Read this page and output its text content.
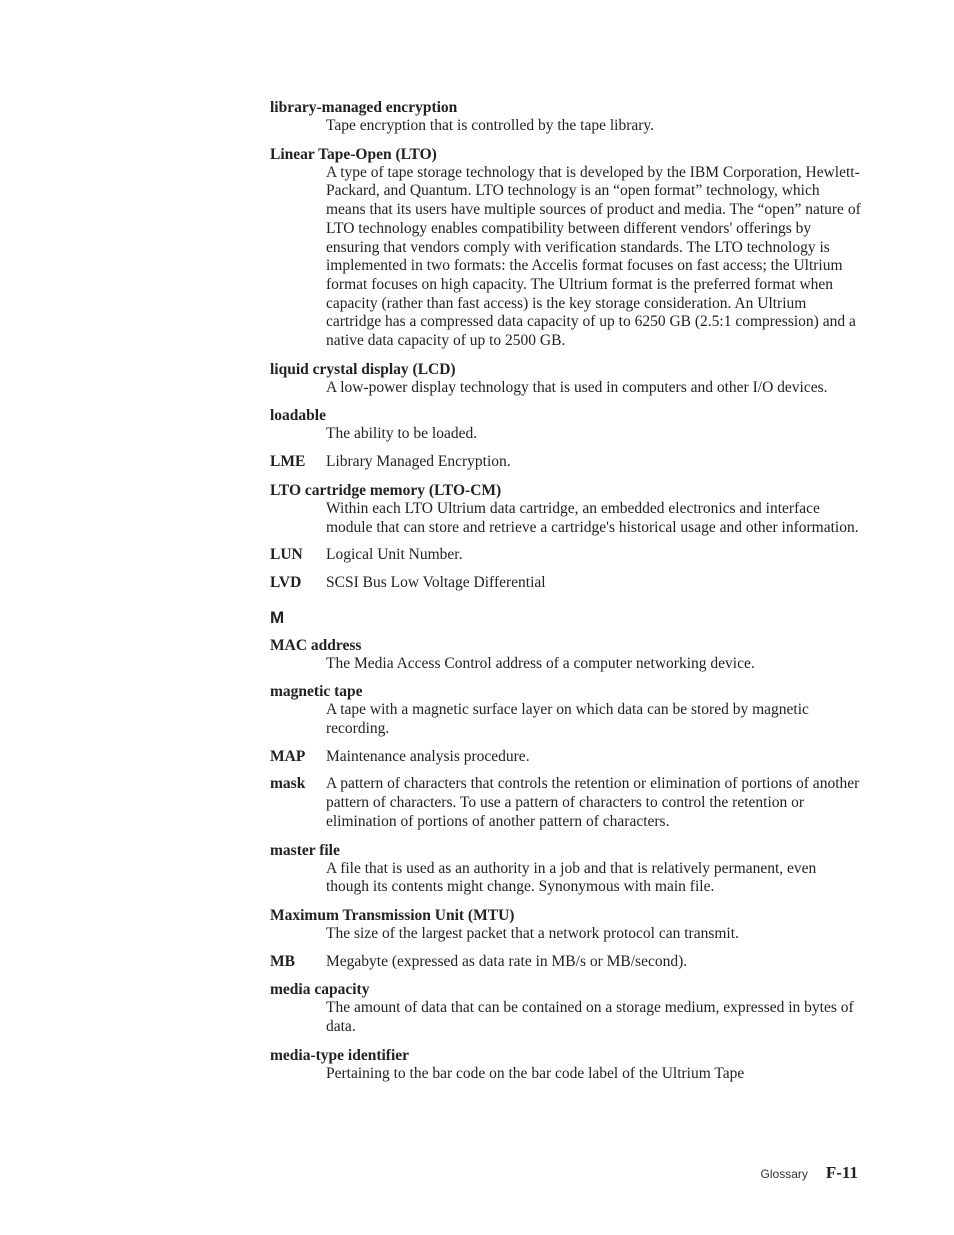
library-managed encryption
Tape encryption that is controlled by the tape library.
Linear Tape-Open (LTO)
A type of tape storage technology that is developed by the IBM Corporation, Hewlett-Packard, and Quantum. LTO technology is an “open format” technology, which means that its users have multiple sources of product and media. The “open” nature of LTO technology enables compatibility between different vendors' offerings by ensuring that vendors comply with verification standards. The LTO technology is implemented in two formats: the Accelis format focuses on fast access; the Ultrium format focuses on high capacity. The Ultrium format is the preferred format when capacity (rather than fast access) is the key storage consideration. An Ultrium cartridge has a compressed data capacity of up to 6250 GB (2.5:1 compression) and a native data capacity of up to 2500 GB.
liquid crystal display (LCD)
A low-power display technology that is used in computers and other I/O devices.
loadable
The ability to be loaded.
LME	Library Managed Encryption.
LTO cartridge memory (LTO-CM)
Within each LTO Ultrium data cartridge, an embedded electronics and interface module that can store and retrieve a cartridge's historical usage and other information.
LUN	Logical Unit Number.
LVD	SCSI Bus Low Voltage Differential
M
MAC address
The Media Access Control address of a computer networking device.
magnetic tape
A tape with a magnetic surface layer on which data can be stored by magnetic recording.
MAP	Maintenance analysis procedure.
mask	A pattern of characters that controls the retention or elimination of portions of another pattern of characters. To use a pattern of characters to control the retention or elimination of portions of another pattern of characters.
master file
A file that is used as an authority in a job and that is relatively permanent, even though its contents might change. Synonymous with main file.
Maximum Transmission Unit (MTU)
The size of the largest packet that a network protocol can transmit.
MB	Megabyte (expressed as data rate in MB/s or MB/second).
media capacity
The amount of data that can be contained on a storage medium, expressed in bytes of data.
media-type identifier
Pertaining to the bar code on the bar code label of the Ultrium Tape
Glossary F-11
